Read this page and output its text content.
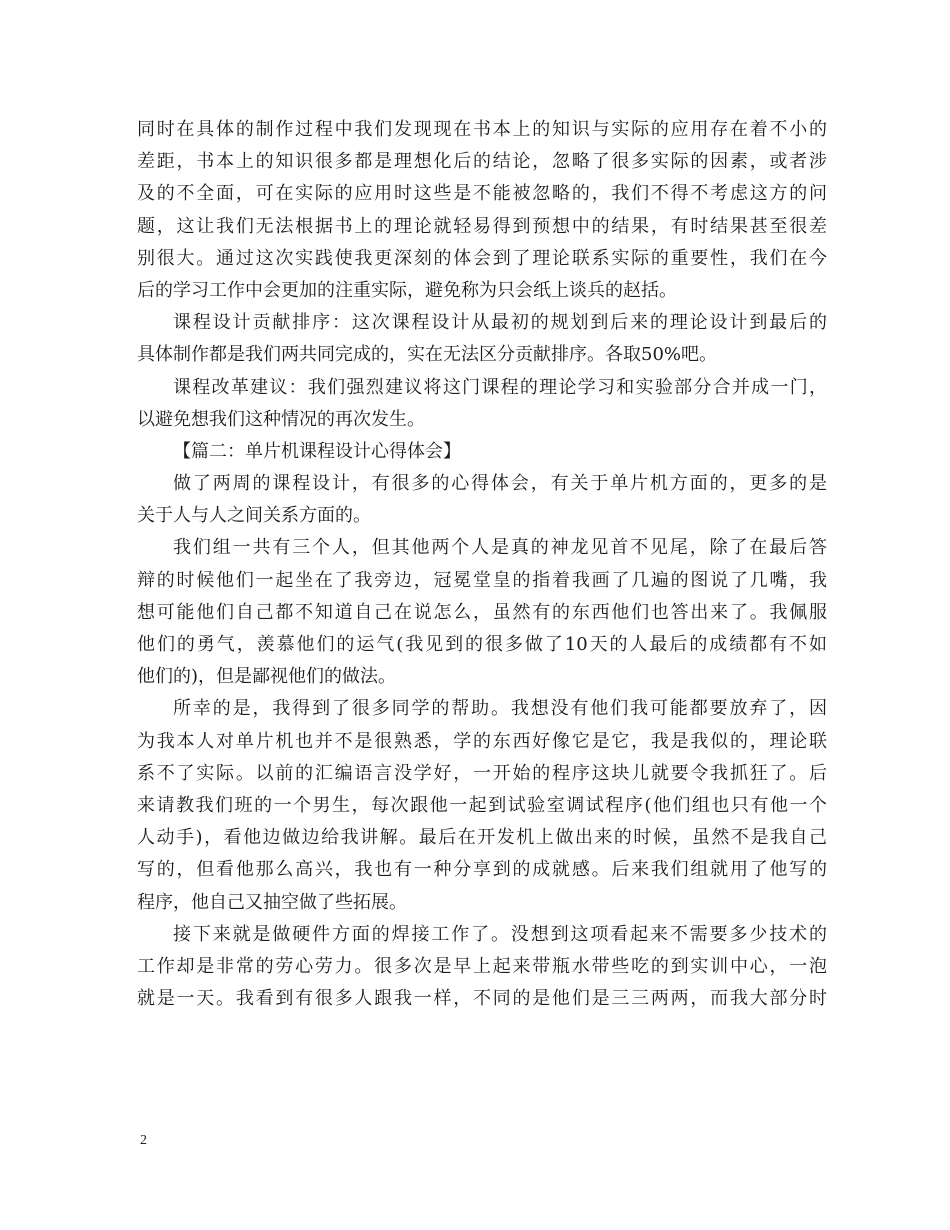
同时在具体的制作过程中我们发现现在书本上的知识与实际的应用存在着不小的
差距，书本上的知识很多都是理想化后的结论，忽略了很多实际的因素，或者涉
及的不全面，可在实际的应用时这些是不能被忽略的，我们不得不考虑这方的问
题，这让我们无法根据书上的理论就轻易得到预想中的结果，有时结果甚至很差
别很大。通过这次实践使我更深刻的体会到了理论联系实际的重要性，我们在今
后的学习工作中会更加的注重实际，避免称为只会纸上谈兵的赵括。
课程设计贡献排序：这次课程设计从最初的规划到后来的理论设计到最后的
具体制作都是我们两共同完成的，实在无法区分贡献排序。各取50%吧。
课程改革建议：我们强烈建议将这门课程的理论学习和实验部分合并成一门，
以避免想我们这种情况的再次发生。
【篇二：单片机课程设计心得体会】
做了两周的课程设计，有很多的心得体会，有关于单片机方面的，更多的是
关于人与人之间关系方面的。
我们组一共有三个人，但其他两个人是真的神龙见首不见尾，除了在最后答
辩的时候他们一起坐在了我旁边，冠冕堂皇的指着我画了几遍的图说了几嘴，我
想可能他们自己都不知道自己在说怎么，虽然有的东西他们也答出来了。我佩服
他们的勇气，羡慕他们的运气(我见到的很多做了10天的人最后的成绩都有不如
他们的)，但是鄙视他们的做法。
所幸的是，我得到了很多同学的帮助。我想没有他们我可能都要放弃了，因
为我本人对单片机也并不是很熟悉，学的东西好像它是它，我是我似的，理论联
系不了实际。以前的汇编语言没学好，一开始的程序这块儿就要令我抓狂了。后
来请教我们班的一个男生，每次跟他一起到试验室调试程序(他们组也只有他一个
人动手)，看他边做边给我讲解。最后在开发机上做出来的时候，虽然不是我自己
写的，但看他那么高兴，我也有一种分享到的成就感。后来我们组就用了他写的
程序，他自己又抽空做了些拓展。
接下来就是做硬件方面的焊接工作了。没想到这项看起来不需要多少技术的
工作却是非常的劳心劳力。很多次是早上起来带瓶水带些吃的到实训中心，一泡
就是一天。我看到有很多人跟我一样，不同的是他们是三三两两，而我大部分时
2
